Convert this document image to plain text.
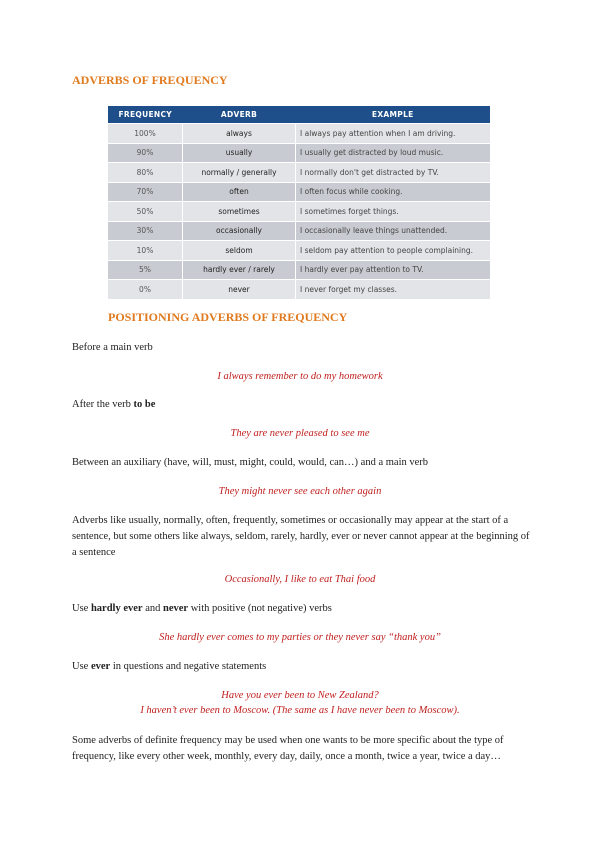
ADVERBS OF FREQUENCY
FREQUENCY	ADVERB	EXAMPLE
100%	always	I always pay attention when I am driving.
90%	usually	I usually get distracted by loud music.
80%	normally / generally	I normally don't get distracted by TV.
70%	often	I often focus while cooking.
50%	sometimes	I sometimes forget things.
30%	occasionally	I occasionally leave things unattended.
10%	seldom	I seldom pay attention to people complaining.
5%	hardly ever / rarely	I hardly ever pay attention to TV.
0%	never	I never forget my classes.
POSITIONING ADVERBS OF FREQUENCY

Before a main verb

I always remember to do my homework

After the verb to be

They are never pleased to see me

Between an auxiliary (have, will, must, might, could, would, can…) and a main verb

They might never see each other again

Adverbs like usually, normally, often, frequently, sometimes or occasionally may appear at the start of a sentence, but some others like always, seldom, rarely, hardly, ever or never cannot appear at the beginning of a sentence

Occasionally, I like to eat Thai food

Use hardly ever and never with positive (not negative) verbs

She hardly ever comes to my parties or they never say “thank you”

Use ever in questions and negative statements

Have you ever been to New Zealand?

I haven’t ever been to Moscow. (The same as I have never been to Moscow).

Some adverbs of definite frequency may be used when one wants to be more specific about the type of frequency, like every other week, monthly, every day, daily, once a month, twice a year, twice a day…
